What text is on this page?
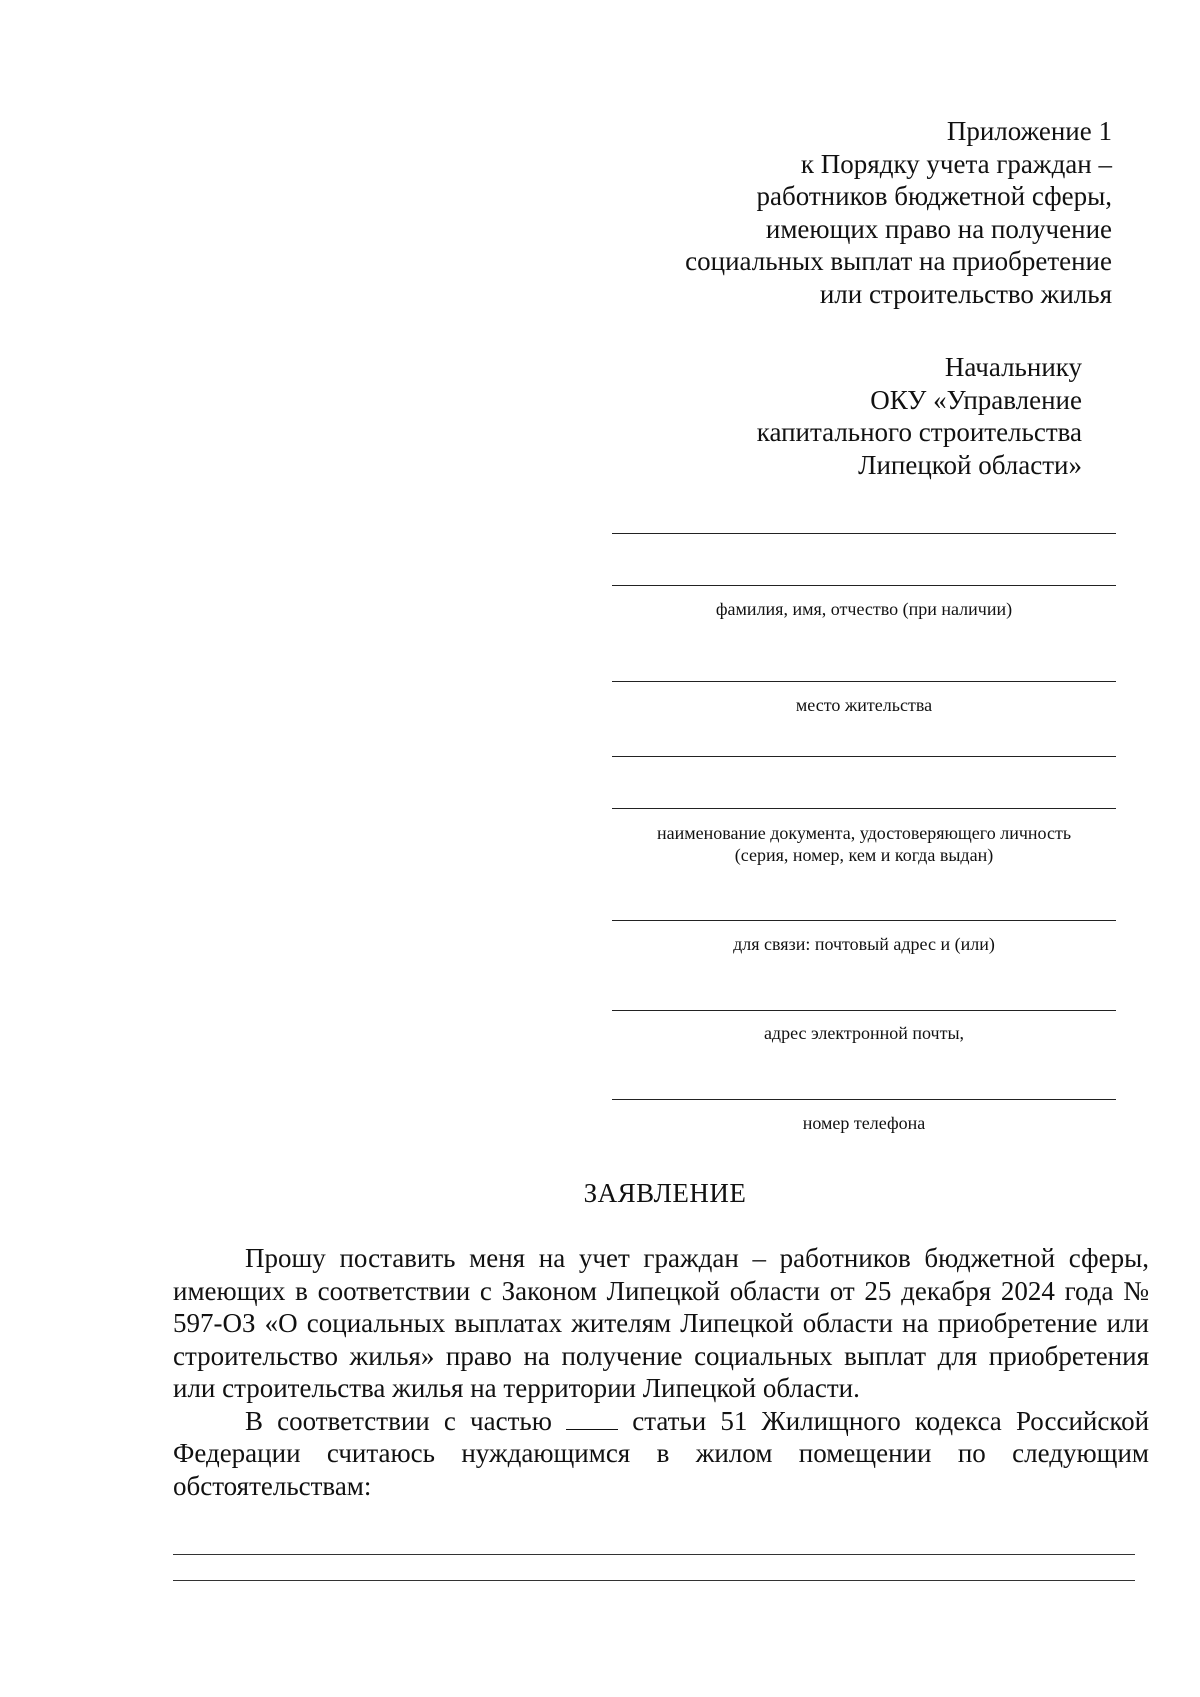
Приложение 1
к Порядку учета граждан –
работников бюджетной сферы,
имеющих право на получение
социальных выплат на приобретение
или строительство жилья
Начальнику
ОКУ «Управление
капитального строительства
Липецкой области»
фамилия, имя, отчество (при наличии)
место жительства
наименование документа, удостоверяющего личность
(серия, номер, кем и когда выдан)
для связи: почтовый адрес и (или)
адрес электронной почты,
номер телефона
ЗАЯВЛЕНИЕ

Прошу поставить меня на учет граждан – работников бюджетной сферы, имеющих в соответствии с Законом Липецкой области от 25 декабря 2024 года № 597-ОЗ «О социальных выплатах жителям Липецкой области на приобретение или строительство жилья» право на получение социальных выплат для приобретения или строительства жилья на территории Липецкой области.

В соответствии с частью	статьи 51 Жилищного кодекса Российской Федерации считаюсь нуждающимся в жилом помещении по следующим обстоятельствам:
